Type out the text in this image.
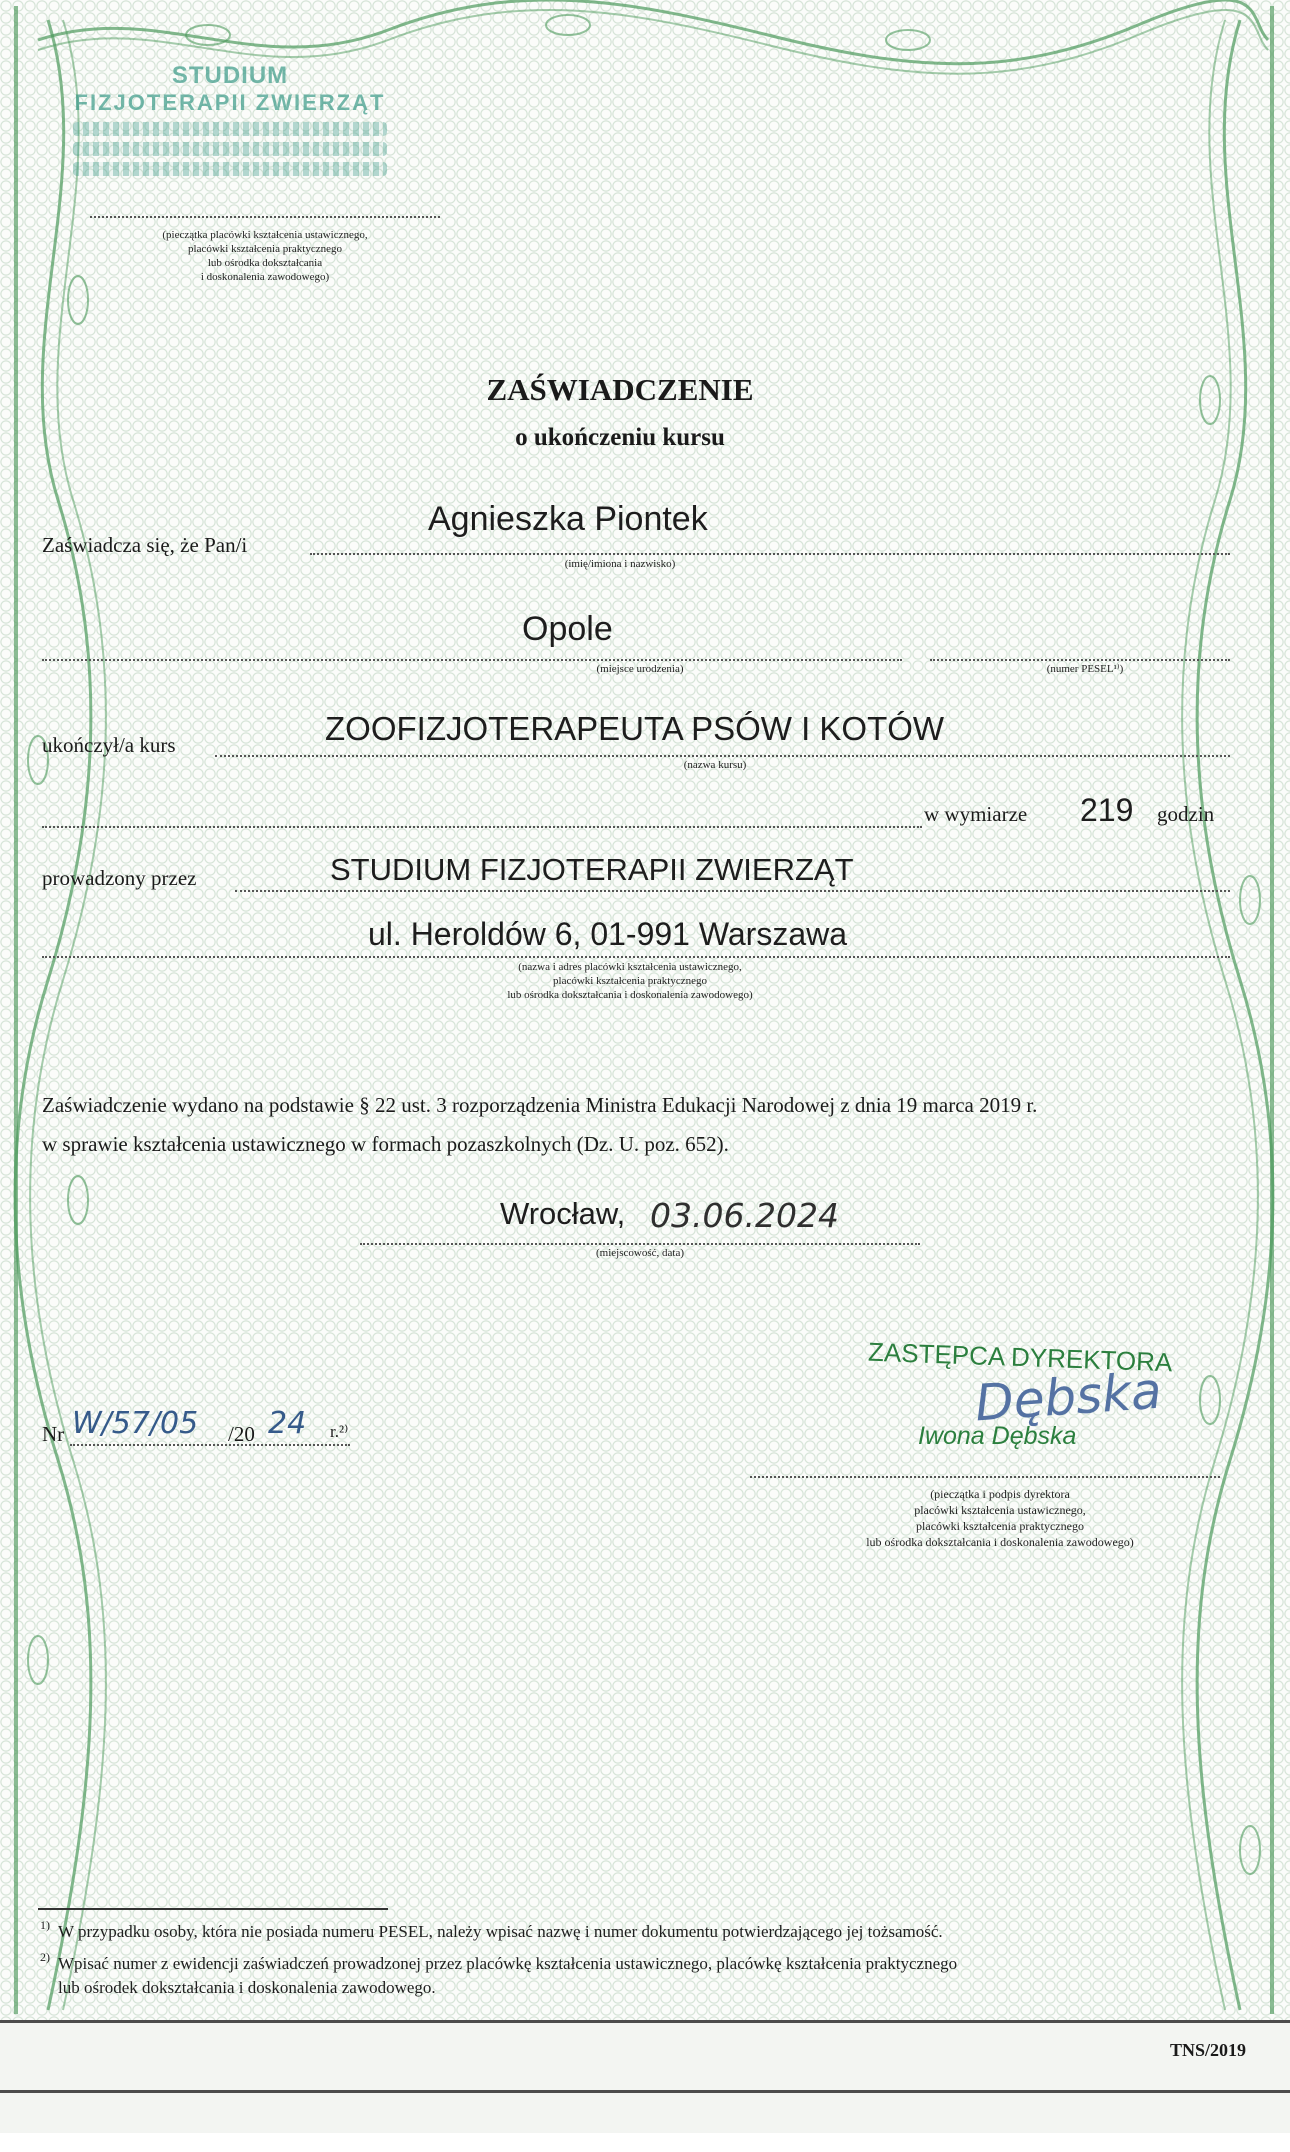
STUDIUM
FIZJOTERAPII ZWIERZĄT
(pieczątka placówki kształcenia ustawicznego,
placówki kształcenia praktycznego
lub ośrodka dokształcania
i doskonalenia zawodowego)
ZAŚWIADCZENIE
o ukończeniu kursu
Zaświadcza się, że Pan/i
Agnieszka Piontek
(imię/imiona i nazwisko)
Opole
(miejsce urodzenia)	(numer PESEL¹⁾)
ukończył/a kurs	ZOOFIZJOTERAPEUTA PSÓW I KOTÓW
(nazwa kursu)
w wymiarze 219 godzin
prowadzony przez	STUDIUM FIZJOTERAPII ZWIERZĄT
ul. Heroldów 6, 01-991 Warszawa
(nazwa i adres placówki kształcenia ustawicznego,
placówki kształcenia praktycznego
lub ośrodka dokształcania i doskonalenia zawodowego)
Zaświadczenie wydano na podstawie § 22 ust. 3 rozporządzenia Ministra Edukacji Narodowej z dnia 19 marca 2019 r.
w sprawie kształcenia ustawicznego w formach pozaszkolnych (Dz. U. poz. 652).
Wrocław, 03.06.2024
(miejscowość, data)
Nr W/57/05 /20 24 r.²⁾
ZASTĘPCA DYREKTORA
Dębska
Iwona Dębska
(pieczątka i podpis dyrektora
placówki kształcenia ustawicznego,
placówki kształcenia praktycznego
lub ośrodka dokształcania i doskonalenia zawodowego)
1) W przypadku osoby, która nie posiada numeru PESEL, należy wpisać nazwę i numer dokumentu potwierdzającego jej tożsamość.
2) Wpisać numer z ewidencji zaświadczeń prowadzonej przez placówkę kształcenia ustawicznego, placówkę kształcenia praktycznego
lub ośrodek dokształcania i doskonalenia zawodowego.
TNS/2019
